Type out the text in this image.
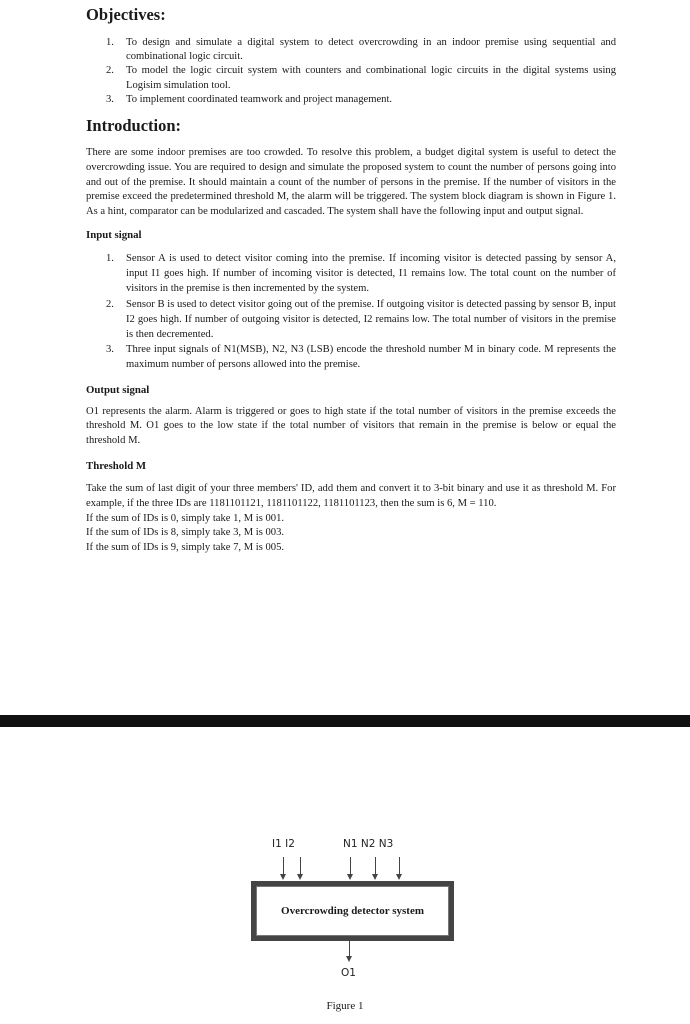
Objectives:
1. To design and simulate a digital system to detect overcrowding in an indoor premise using sequential and combinational logic circuit.
2. To model the logic circuit system with counters and combinational logic circuits in the digital systems using Logisim simulation tool.
3. To implement coordinated teamwork and project management.
Introduction:

There are some indoor premises are too crowded. To resolve this problem, a budget digital system is useful to detect the overcrowding issue. You are required to design and simulate the proposed system to count the number of persons going into and out of the premise. It should maintain a count of the number of persons in the premise. If the number of visitors in the premise exceed the predetermined threshold M, the alarm will be triggered. The system block diagram is shown in Figure 1. As a hint, comparator can be modularized and cascaded. The system shall have the following input and output signal.

Input signal
1. Sensor A is used to detect visitor coming into the premise. If incoming visitor is detected passing by sensor A, input I1 goes high. If number of incoming visitor is detected, I1 remains low. The total count on the number of visitors in the premise is then incremented by the system.
2. Sensor B is used to detect visitor going out of the premise. If outgoing visitor is detected passing by sensor B, input I2 goes high. If number of outgoing visitor is detected, I2 remains low. The total number of visitors in the premise is then decremented.
3. Three input signals of N1(MSB), N2, N3 (LSB) encode the threshold number M in binary code. M represents the maximum number of persons allowed into the premise.
Output signal

O1 represents the alarm. Alarm is triggered or goes to high state if the total number of visitors in the premise exceeds the threshold M. O1 goes to the low state if the total number of visitors that remain in the premise is below or equal the threshold M.

Threshold M

Take the sum of last digit of your three members' ID, add them and convert it to 3-bit binary and use it as threshold M. For example, if the three IDs are 1181101121, 1181101122, 1181101123, then the sum is 6, M = 110.

If the sum of IDs is 0, simply take 1, M is 001.

If the sum of IDs is 8, simply take 3, M is 003.

If the sum of IDs is 9, simply take 7, M is 005.

I1 I2	N1 N2 N3
Overcrowding detector system
O1
Figure 1
